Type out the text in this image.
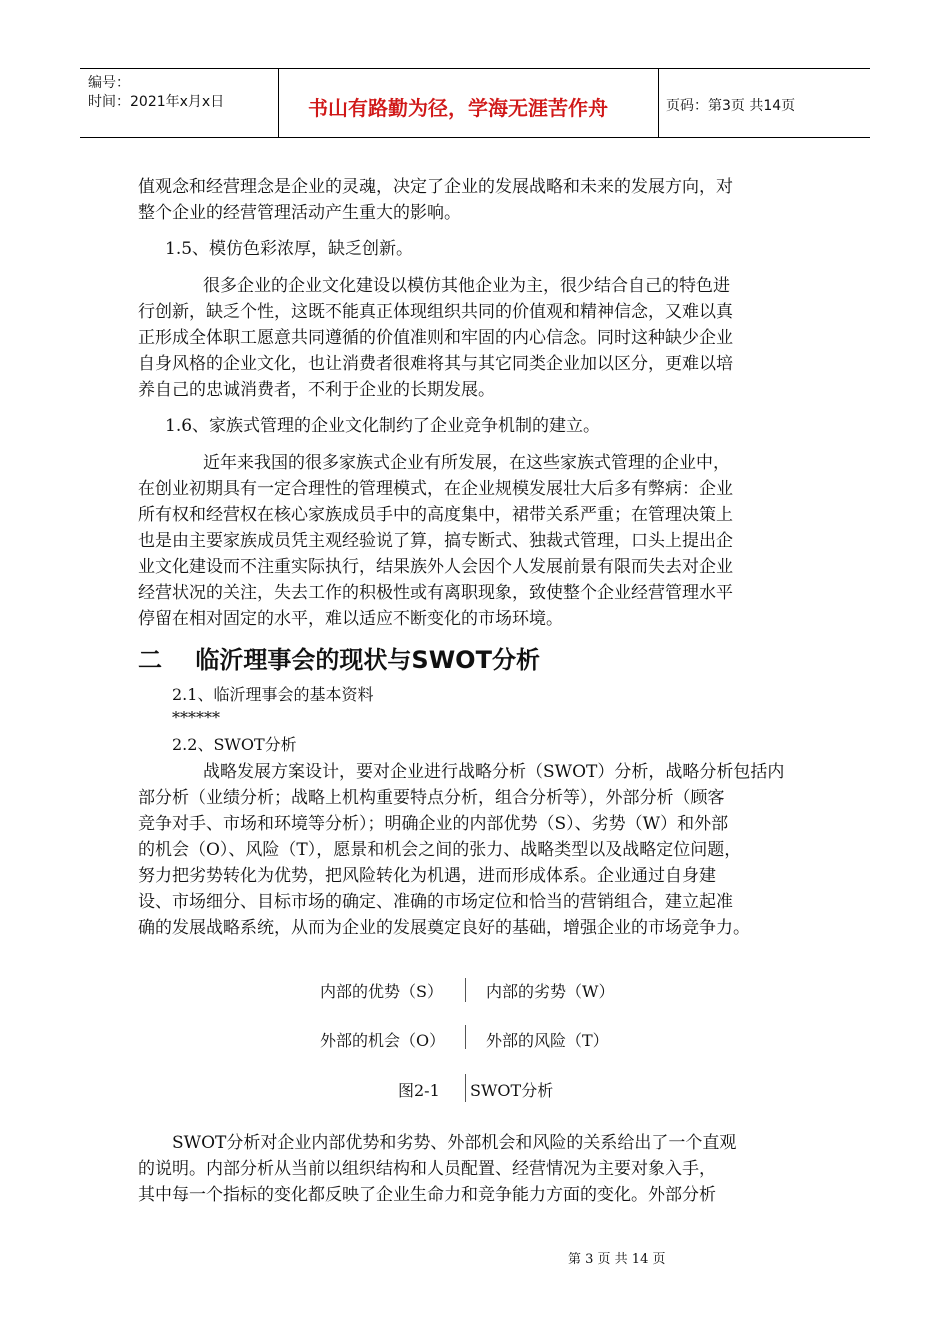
编号：
时间：2021年x月x日	书山有路勤为径，学海无涯苦作舟	页码：第3页 共14页
值观念和经营理念是企业的灵魂，决定了企业的发展战略和未来的发展方向，对
整个企业的经营管理活动产生重大的影响。
1.5、模仿色彩浓厚，缺乏创新。
很多企业的企业文化建设以模仿其他企业为主，很少结合自己的特色进
行创新，缺乏个性，这既不能真正体现组织共同的价值观和精神信念，又难以真
正形成全体职工愿意共同遵循的价值准则和牢固的内心信念。同时这种缺少企业
自身风格的企业文化，也让消费者很难将其与其它同类企业加以区分，更难以培
养自己的忠诚消费者，不利于企业的长期发展。
1.6、家族式管理的企业文化制约了企业竞争机制的建立。
近年来我国的很多家族式企业有所发展，在这些家族式管理的企业中，
在创业初期具有一定合理性的管理模式，在企业规模发展壮大后多有弊病：企业
所有权和经营权在核心家族成员手中的高度集中，裙带关系严重；在管理决策上
也是由主要家族成员凭主观经验说了算，搞专断式、独裁式管理，口头上提出企
业文化建设而不注重实际执行，结果族外人会因个人发展前景有限而失去对企业
经营状况的关注，失去工作的积极性或有离职现象，致使整个企业经营管理水平
停留在相对固定的水平，难以适应不断变化的市场环境。
二    临沂理事会的现状与SWOT分析
2.1、临沂理事会的基本资料
******
2.2、SWOT分析
战略发展方案设计，要对企业进行战略分析（SWOT）分析，战略分析包括内
部分析（业绩分析；战略上机构重要特点分析，组合分析等），外部分析（顾客
竞争对手、市场和环境等分析）；明确企业的内部优势（S）、劣势（W）和外部
的机会（O）、风险（T），愿景和机会之间的张力、战略类型以及战略定位问题，
努力把劣势转化为优势，把风险转化为机遇，进而形成体系。企业通过自身建
设、市场细分、目标市场的确定、准确的市场定位和恰当的营销组合，建立起准
确的发展战略系统，从而为企业的发展奠定良好的基础，增强企业的市场竞争力。
内部的优势（S）	内部的劣势（W）
外部的机会（O）	外部的风险（T）
图2-1 SWOT分析
SWOT分析对企业内部优势和劣势、外部机会和风险的关系给出了一个直观
的说明。内部分析从当前以组织结构和人员配置、经营情况为主要对象入手，
其中每一个指标的变化都反映了企业生命力和竞争能力方面的变化。外部分析
第 3 页 共 14 页
